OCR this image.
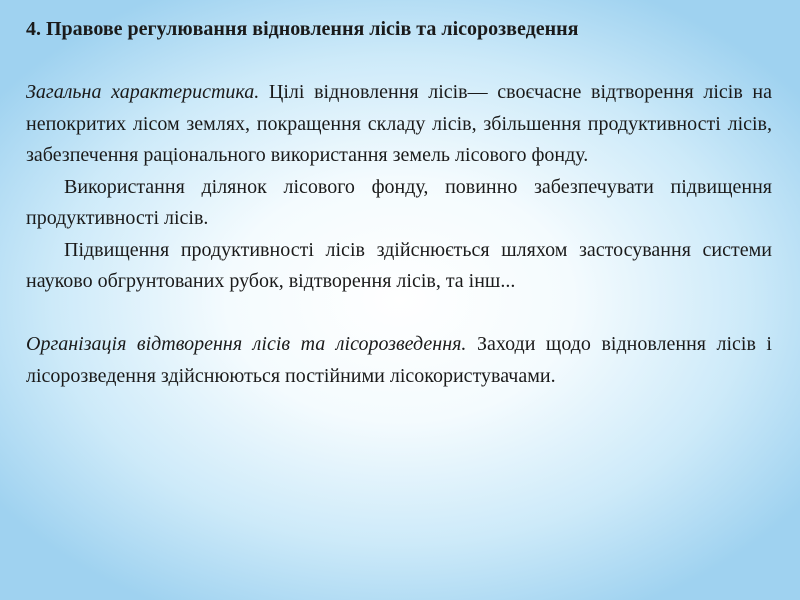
4. Правове регулювання відновлення лісів та лісорозведення

Загальна характеристика. Цілі відновлення лісів— своєчасне відтворення лісів на непокритих лісом землях, покращення складу лісів, збільшення продуктивності лісів, забезпечення раціонального використання земель лісового фонду.

Використання ділянок лісового фонду, повинно забезпечувати підвищення продуктивності лісів.

Підвищення продуктивності лісів здійснюється шляхом застосування системи науково обгрунтованих рубок, відтворення лісів, та інш...

Організація відтворення лісів та лісорозведення. Заходи щодо відновлення лісів і лісорозведення здійснюються постійними лісокористувачами.
